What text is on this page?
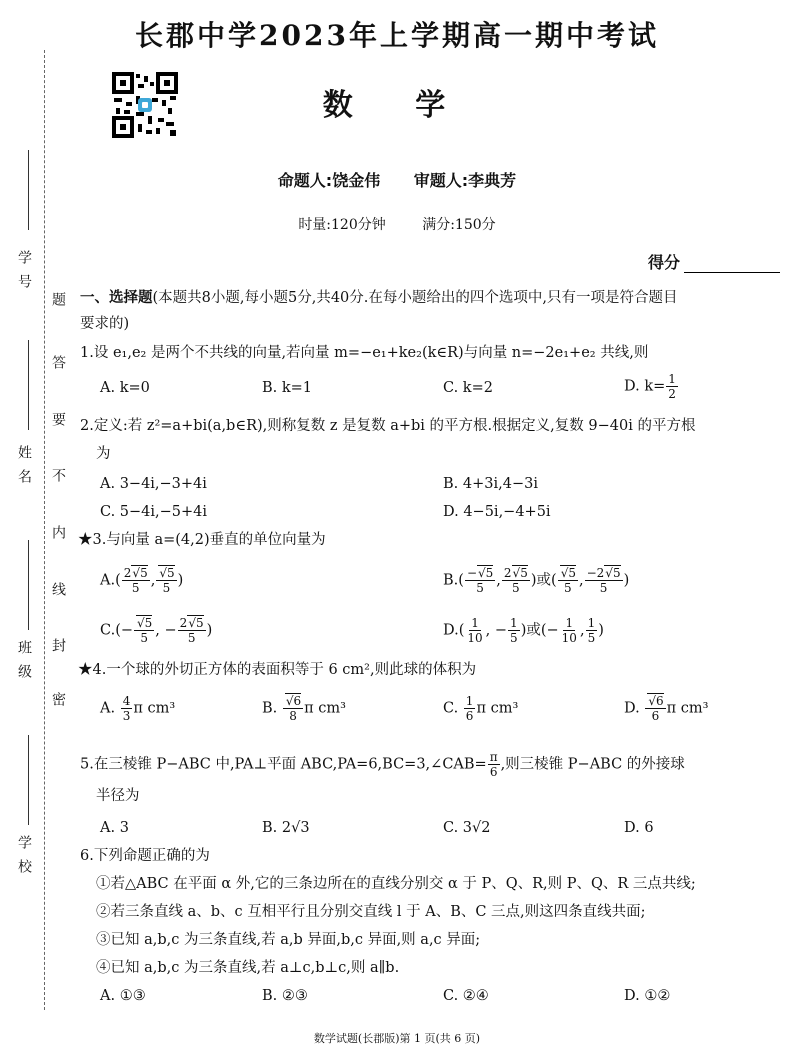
学号
姓名
班级
学校
题
答
要
不
内
线
封
密
长郡中学2023年上学期高一期中考试
数 学
命题人:饶金伟 审题人:李典芳
时量:120分钟	满分:150分
得分
一、选择题(本题共8小题,每小题5分,共40分.在每小题给出的四个选项中,只有一项是符合题目
要求的)
1.设 e₁,e₂ 是两个不共线的向量,若向量 m=−e₁+ke₂(k∈R)与向量 n=−2e₁+e₂ 共线,则
A. k=0	B. k=1	C. k=2	D. $k= \frac{1}{2}$
2.定义:若 z²=a+bi(a,b∈R),则称复数 z 是复数 a+bi 的平方根.根据定义,复数 9−40i 的平方根
为
A. 3−4i,−3+4i	B. 4+3i,4−3i
C. 5−4i,−5+4i	D. 4−5i,−4+5i
★3.与向量 a=(4,2)垂直的单位向量为
$A.( \frac{2 √ 5}{5}$ , √ $\frac{5}{5}$ )	$B.( \frac{- √ 5}{5}$ , $\frac{2 √ 5}{5}$ )或( √ $\frac{5}{5}$ , $\frac{-2 √ 5}{5}$ )
C.(− √ $\frac{5}{5}$ , − $\frac{2 √ 5}{5}$ )	$D.( \frac{1}{10}$ , − $\frac{1}{5}$ )或(− $\frac{1}{10}$ , $\frac{1}{5}$ )
★4.一个球的外切正方体的表面积等于 6 cm²,则此球的体积为
A. $\frac{4}{3}$ π cm³	B. √ $\frac{6}{8}$ π cm³	C. $\frac{1}{6}$ π cm³	D. √ $\frac{6}{6}$ π cm³
5.在三棱锥 P−ABC 中,PA⊥平面 ABC,PA=6,BC=3,∠CAB= $\frac{\pi}{6}$ ,则三棱锥 P−ABC 的外接球
半径为
A. 3	B. 2√3	C. 3√2	D. 6
6.下列命题正确的为
①若△ABC 在平面 α 外,它的三条边所在的直线分别交 α 于 P、Q、R,则 P、Q、R 三点共线;
②若三条直线 a、b、c 互相平行且分别交直线 l 于 A、B、C 三点,则这四条直线共面;
③已知 a,b,c 为三条直线,若 a,b 异面,b,c 异面,则 a,c 异面;
④已知 a,b,c 为三条直线,若 a⊥c,b⊥c,则 a∥b.
A. ①③	B. ②③	C. ②④	D. ①②
数学试题(长郡版)第 1 页(共 6 页)
